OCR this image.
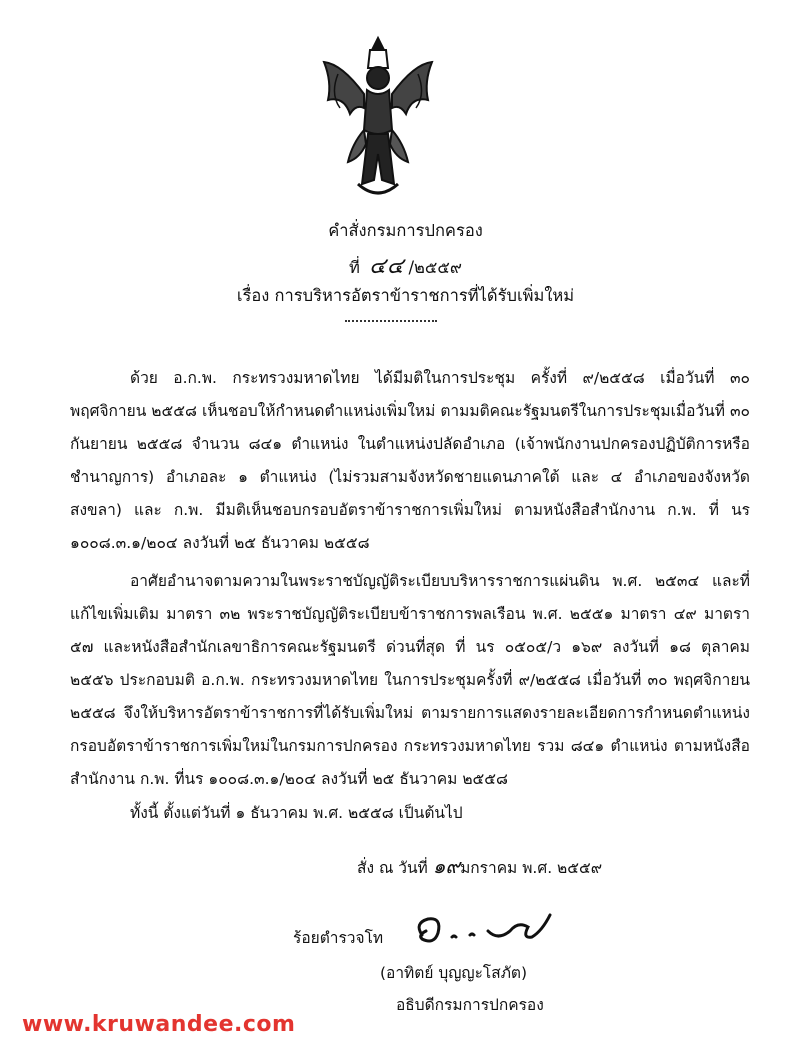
คำสั่งกรมการปกครอง
ที่ ๔๔ /๒๕๕๙
เรื่อง การบริหารอัตราข้าราชการที่ได้รับเพิ่มใหม่
ด้วย อ.ก.พ. กระทรวงมหาดไทย ได้มีมติในการประชุม ครั้งที่ ๙/๒๕๕๘ เมื่อวันที่ ๓๐ พฤศจิกายน ๒๕๕๘ เห็นชอบให้กำหนดตำแหน่งเพิ่มใหม่ ตามมติคณะรัฐมนตรีในการประชุมเมื่อวันที่ ๓๐ กันยายน ๒๕๕๘ จำนวน ๘๔๑ ตำแหน่ง ในตำแหน่งปลัดอำเภอ (เจ้าพนักงานปกครองปฏิบัติการหรือชำนาญการ) อำเภอละ ๑ ตำแหน่ง (ไม่รวมสามจังหวัดชายแดนภาคใต้ และ ๔ อำเภอของจังหวัดสงขลา) และ ก.พ. มีมติเห็นชอบกรอบอัตราข้าราชการเพิ่มใหม่ ตามหนังสือสำนักงาน ก.พ. ที่ นร ๑๐๐๘.๓.๑/๒๐๔ ลงวันที่ ๒๕ ธันวาคม ๒๕๕๘
อาศัยอำนาจตามความในพระราชบัญญัติระเบียบบริหารราชการแผ่นดิน พ.ศ. ๒๕๓๔ และที่แก้ไขเพิ่มเติม มาตรา ๓๒ พระราชบัญญัติระเบียบข้าราชการพลเรือน พ.ศ. ๒๕๕๑ มาตรา ๔๙ มาตรา ๕๗ และหนังสือสำนักเลขาธิการคณะรัฐมนตรี ด่วนที่สุด ที่ นร ๐๕๐๕/ว ๑๖๙ ลงวันที่ ๑๘ ตุลาคม ๒๕๕๖ ประกอบมติ อ.ก.พ. กระทรวงมหาดไทย ในการประชุมครั้งที่ ๙/๒๕๕๘ เมื่อวันที่ ๓๐ พฤศจิกายน ๒๕๕๘ จึงให้บริหารอัตราข้าราชการที่ได้รับเพิ่มใหม่ ตามรายการแสดงรายละเอียดการกำหนดตำแหน่งกรอบอัตราข้าราชการเพิ่มใหม่ในกรมการปกครอง กระทรวงมหาดไทย รวม ๘๔๑ ตำแหน่ง ตามหนังสือสำนักงาน ก.พ. ที่นร ๑๐๐๘.๓.๑/๒๐๔ ลงวันที่ ๒๕ ธันวาคม ๒๕๕๘
ทั้งนี้ ตั้งแต่วันที่ ๑ ธันวาคม พ.ศ. ๒๕๕๘ เป็นต้นไป
สั่ง ณ วันที่ ๑๙มกราคม พ.ศ. ๒๕๕๙
ร้อยตำรวจโท
(อาทิตย์ บุญญะโสภัต)
อธิบดีกรมการปกครอง
www.kruwandee.com
